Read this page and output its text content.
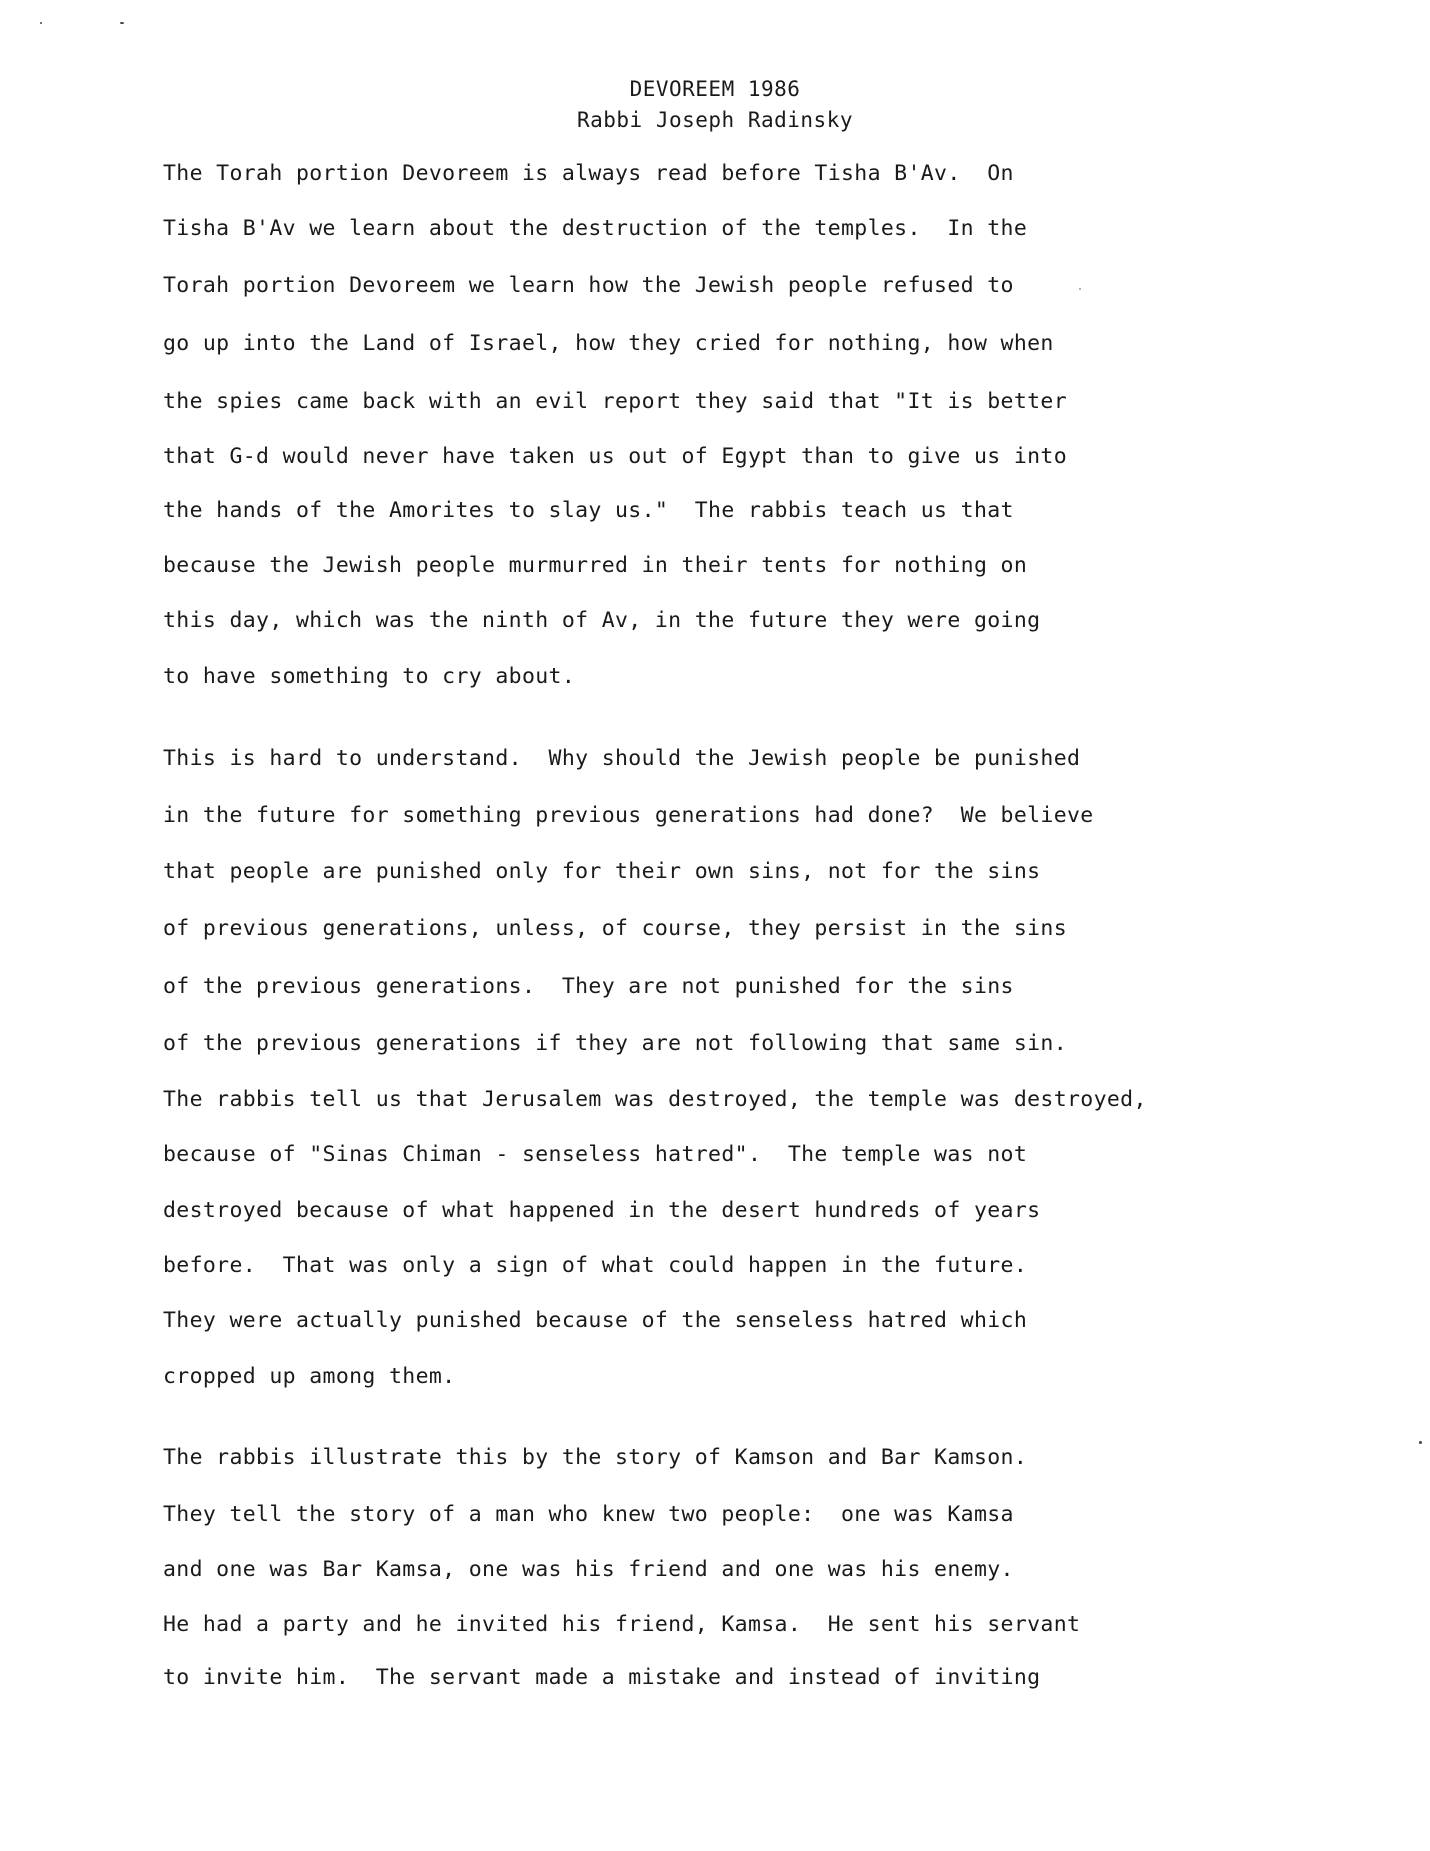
DEVOREEM 1986
Rabbi Joseph Radinsky
The Torah portion Devoreem is always read before Tisha B'Av.  On
Tisha B'Av we learn about the destruction of the temples.  In the
Torah portion Devoreem we learn how the Jewish people refused to
go up into the Land of Israel, how they cried for nothing, how when
the spies came back with an evil report they said that "It is better
that G-d would never have taken us out of Egypt than to give us into
the hands of the Amorites to slay us."  The rabbis teach us that
because the Jewish people murmurred in their tents for nothing on
this day, which was the ninth of Av, in the future they were going
to have something to cry about.
This is hard to understand.  Why should the Jewish people be punished
in the future for something previous generations had done?  We believe
that people are punished only for their own sins, not for the sins
of previous generations, unless, of course, they persist in the sins
of the previous generations.  They are not punished for the sins
of the previous generations if they are not following that same sin.
The rabbis tell us that Jerusalem was destroyed, the temple was destroyed,
because of "Sinas Chiman - senseless hatred".  The temple was not
destroyed because of what happened in the desert hundreds of years
before.  That was only a sign of what could happen in the future.
They were actually punished because of the senseless hatred which
cropped up among them.
The rabbis illustrate this by the story of Kamson and Bar Kamson.
They tell the story of a man who knew two people:  one was Kamsa
and one was Bar Kamsa, one was his friend and one was his enemy.
He had a party and he invited his friend, Kamsa.  He sent his servant
to invite him.  The servant made a mistake and instead of inviting
